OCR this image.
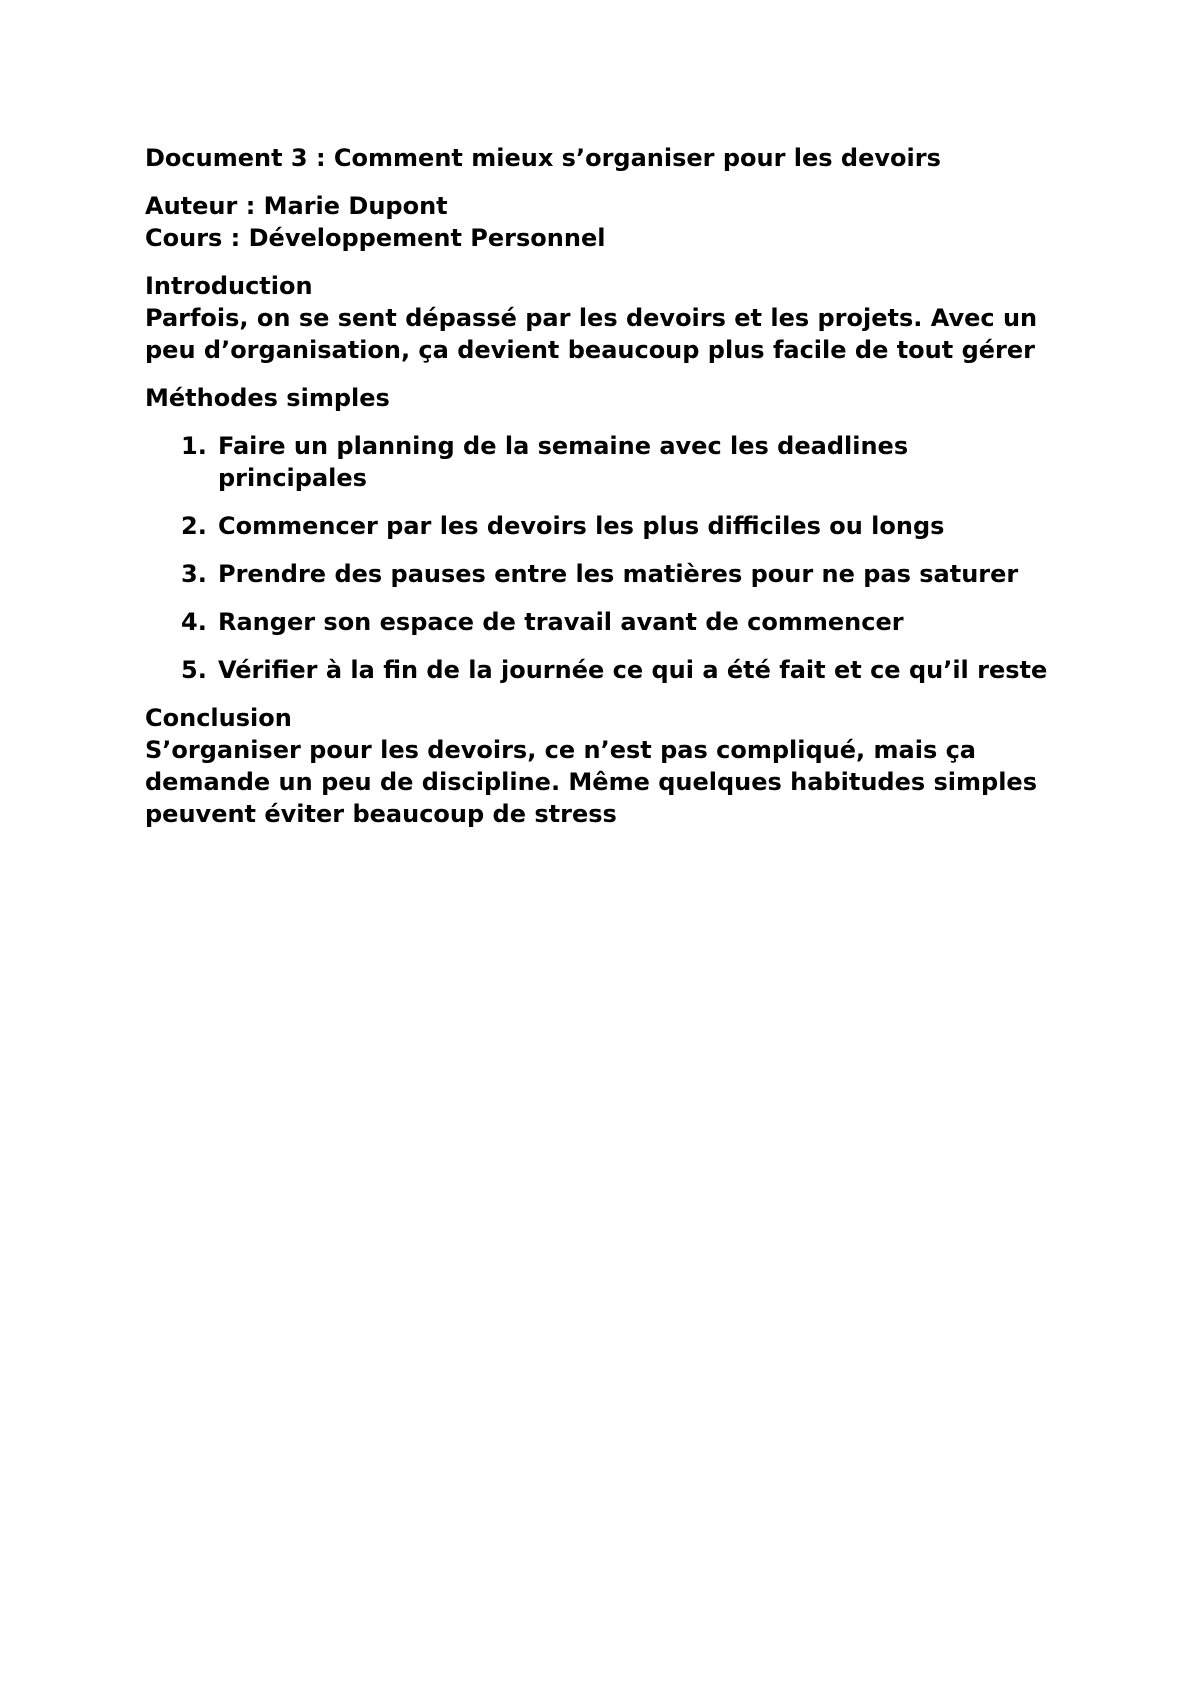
Document 3 : Comment mieux s’organiser pour les devoirs

Auteur : Marie Dupont
Cours : Développement Personnel

Introduction
Parfois, on se sent dépassé par les devoirs et les projets. Avec un
peu d’organisation, ça devient beaucoup plus facile de tout gérer

Méthodes simples

1. Faire un planning de la semaine avec les deadlines
principales
2. Commencer par les devoirs les plus difficiles ou longs
3. Prendre des pauses entre les matières pour ne pas saturer
4. Ranger son espace de travail avant de commencer
5. Vérifier à la fin de la journée ce qui a été fait et ce qu’il reste

Conclusion
S’organiser pour les devoirs, ce n’est pas compliqué, mais ça
demande un peu de discipline. Même quelques habitudes simples
peuvent éviter beaucoup de stress
